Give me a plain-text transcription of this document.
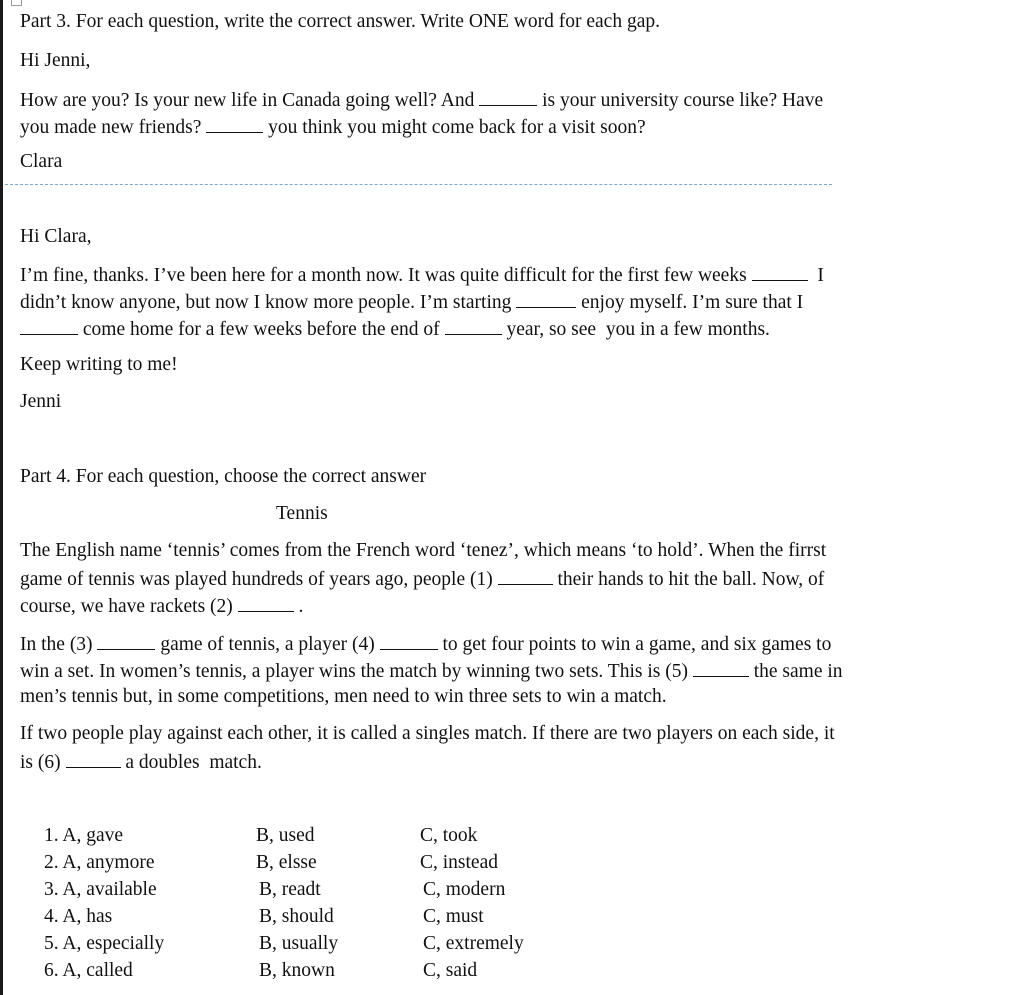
Part 3. For each question, write the correct answer. Write ONE word for each gap.
Hi Jenni,
How are you? Is your new life in Canada going well? And	is your university course like? Have
you made new friends?	you think you might come back for a visit soon?
Clara
Hi Clara,
I’m fine, thanks. I’ve been here for a month now. It was quite difficult for the first few weeks	I
didn’t know anyone, but now I know more people. I’m starting	enjoy myself. I’m sure that I
come home for a few weeks before the end of	year, so see  you in a few months.
Keep writing to me!
Jenni
Part 4. For each question, choose the correct answer
Tennis
The English name ‘tennis’ comes from the French word ‘tenez’, which means ‘to hold’. When the firrst
game of tennis was played hundreds of years ago, people (1)	their hands to hit the ball. Now, of
course, we have rackets (2)	.
In the (3)	game of tennis, a player (4)	to get four points to win a game, and six games to
win a set. In women’s tennis, a player wins the match by winning two sets. This is (5)	the same in
men’s tennis but, in some competitions, men need to win three sets to win a match.
If two people play against each other, it is called a singles match. If there are two players on each side, it
is (6)	a doubles  match.
1. A, gave	B, used	C, took
2. A, anymore	B, elsse	C, instead
3. A, available	B, readt	C, modern
4. A, has	B, should	C, must
5. A, especially	B, usually	C, extremely
6. A, called	B, known	C, said
